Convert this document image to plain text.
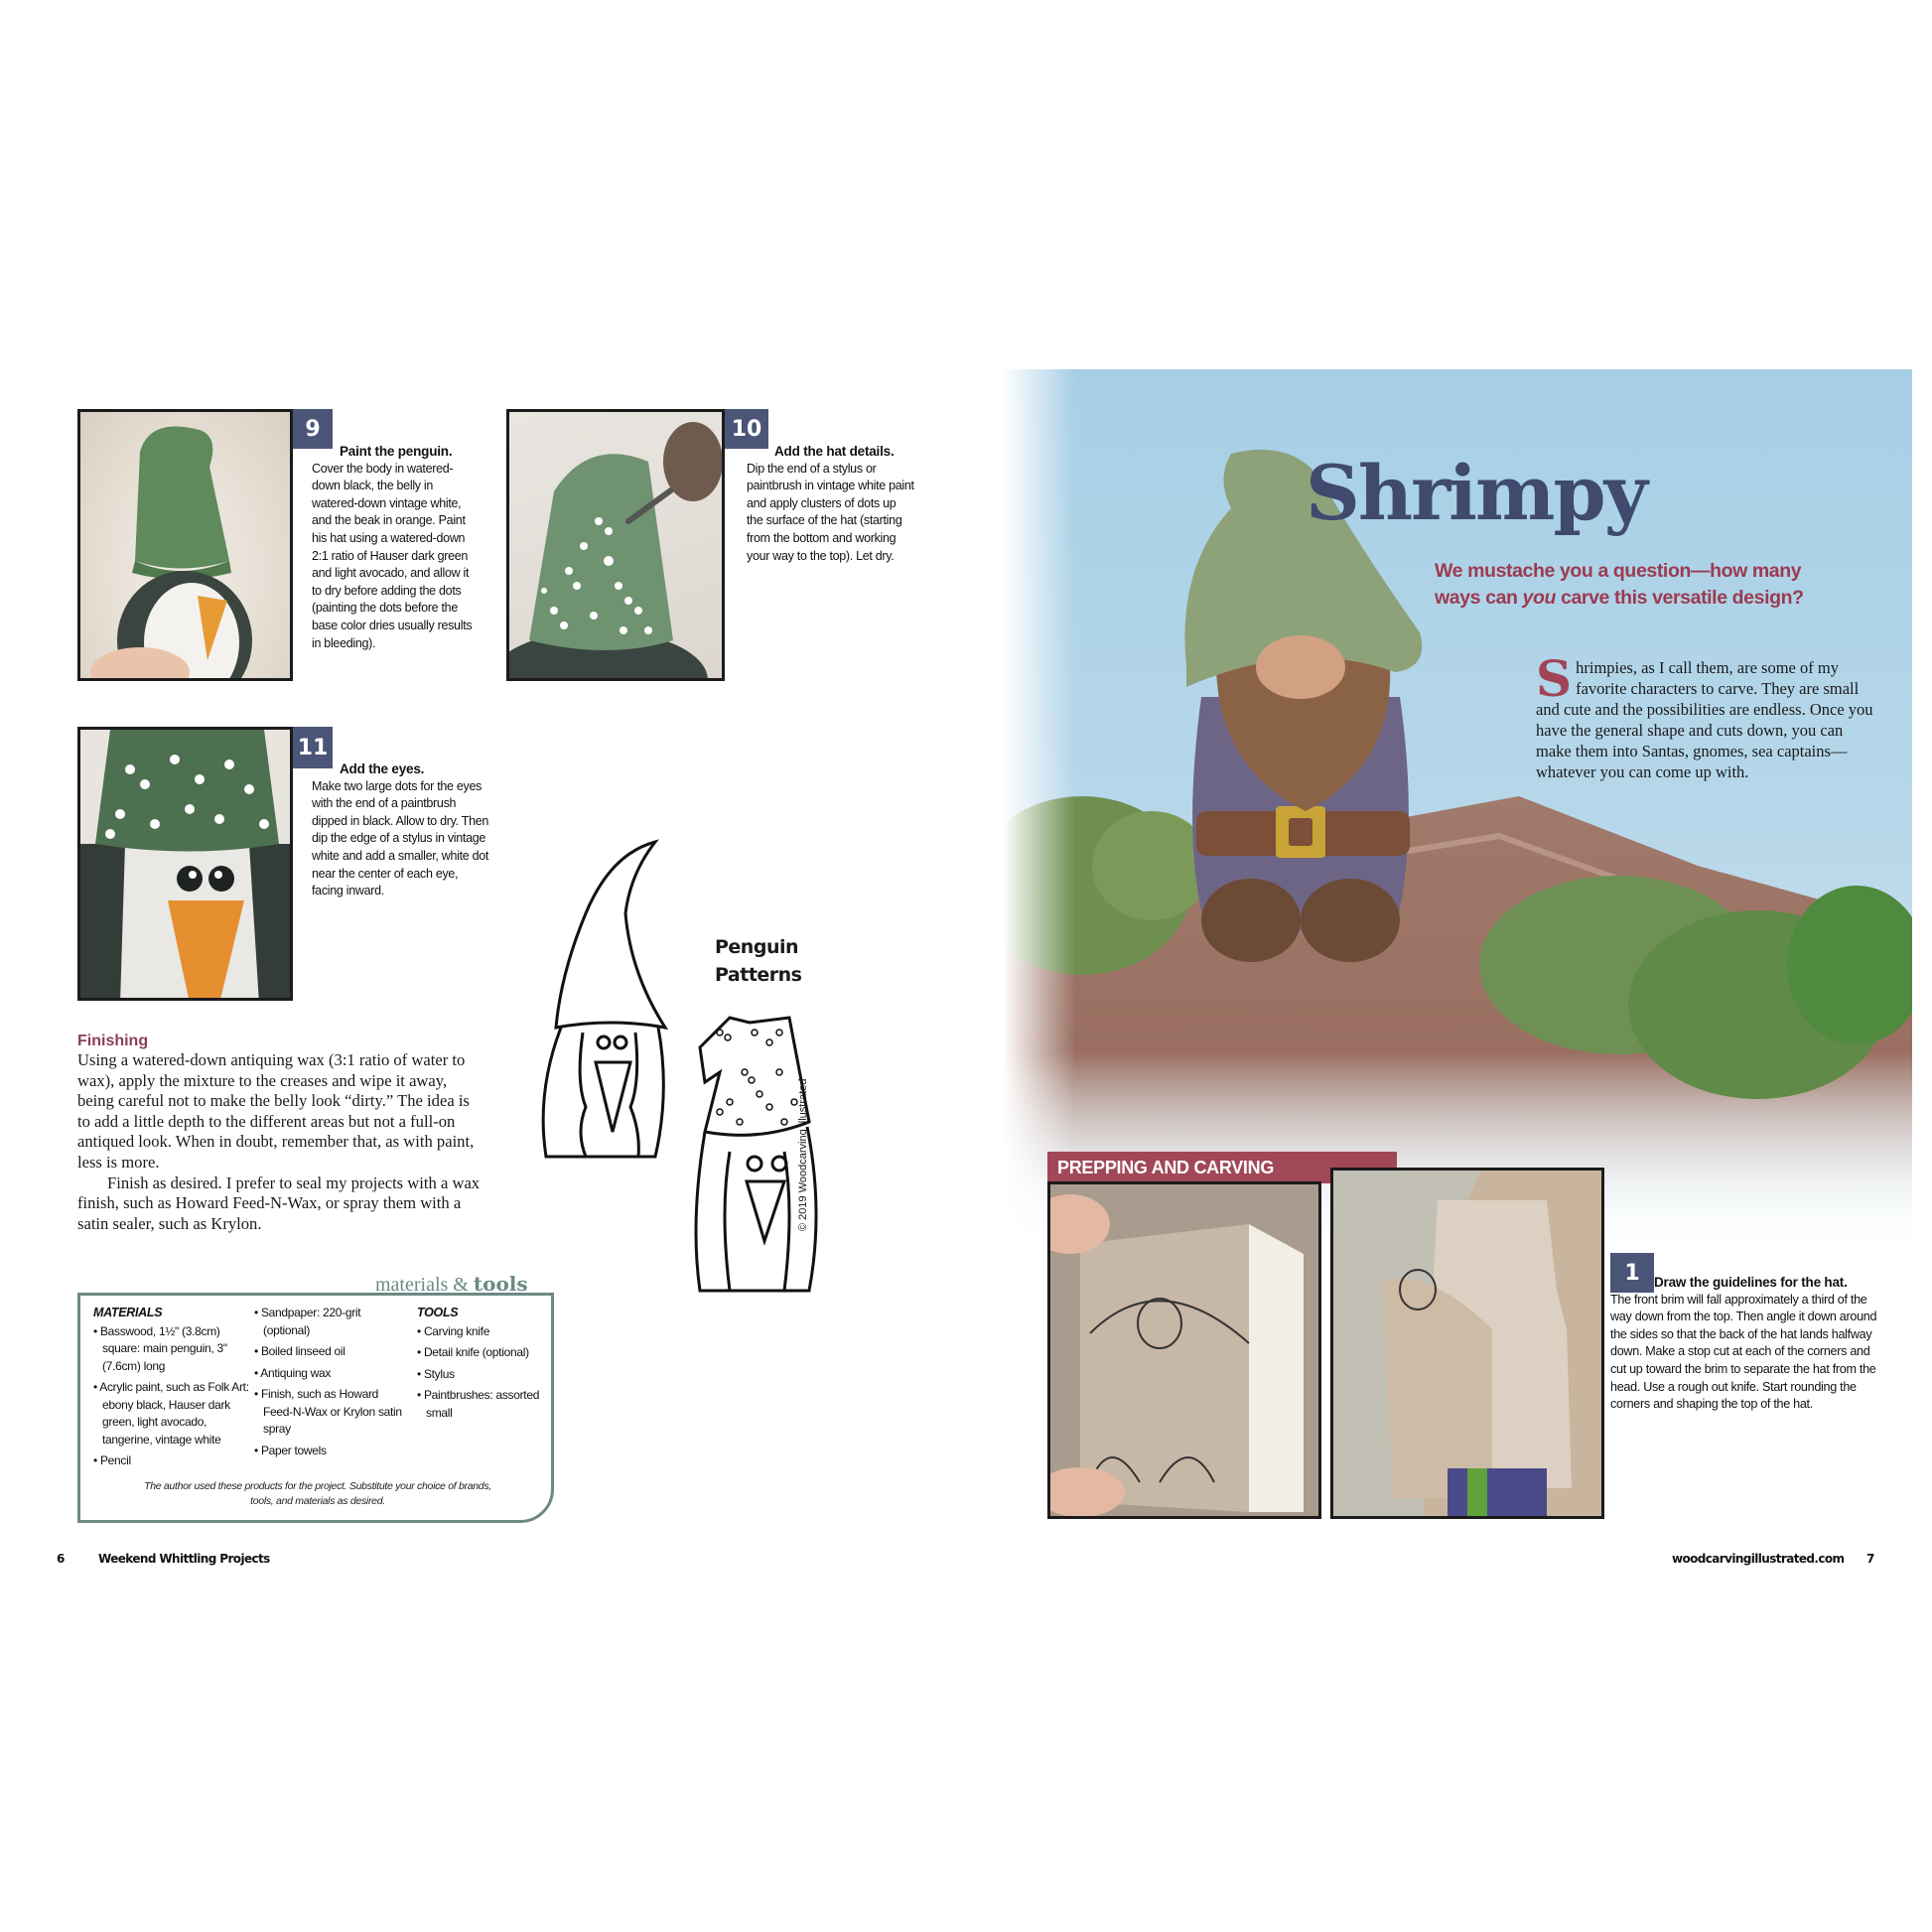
9
Paint the penguin.
Cover the body in watered-down black, the belly in watered-down vintage white, and the beak in orange. Paint his hat using a watered-down 2:1 ratio of Hauser dark green and light avocado, and allow it to dry before adding the dots (painting the dots before the base color dries usually results in bleeding).
10
Add the hat details.
Dip the end of a stylus or paintbrush in vintage white paint and apply clusters of dots up the surface of the hat (starting from the bottom and working your way to the top). Let dry.
11
Add the eyes.
Make two large dots for the eyes with the end of a paintbrush dipped in black. Allow to dry. Then dip the edge of a stylus in vintage white and add a smaller, white dot near the center of each eye, facing inward.
Finishing

Using a watered-down antiquing wax (3:1 ratio of water to wax), apply the mixture to the creases and wipe it away, being careful not to make the belly look “dirty.” The idea is to add a little depth to the different areas but not a full-on antiqued look. When in doubt, remember that, as with paint, less is more.

Finish as desired. I prefer to seal my projects with a wax finish, such as Howard Feed-N-Wax, or spray them with a satin sealer, such as Krylon.

Penguin
Patterns
© 2019 Woodcarving Illustrated
materials & tools
MATERIALS
• Basswood, 1½" (3.8cm) square: main penguin, 3" (7.6cm) long
• Acrylic paint, such as Folk Art: ebony black, Hauser dark green, light avocado, tangerine, vintage white
• Pencil
• Sandpaper: 220-grit (optional)
• Boiled linseed oil
• Antiquing wax
• Finish, such as Howard Feed-N-Wax or Krylon satin spray
• Paper towels
TOOLS
• Carving knife
• Detail knife (optional)
• Stylus
• Paintbrushes: assorted small
The author used these products for the project. Substitute your choice of brands, tools, and materials as desired.
6	Weekend Whittling Projects
Shrimpy
We mustache you a question—how many ways can you carve this versatile design?
Shrimpies, as I call them, are some of my favorite characters to carve. They are small and cute and the possibilities are endless. Once you have the general shape and cuts down, you can make them into Santas, gnomes, sea captains—whatever you can come up with.
PREPPING AND CARVING
1	Draw the guidelines for the hat.
The front brim will fall approximately a third of the way down from the top. Then angle it down around the sides so that the back of the hat lands halfway down. Make a stop cut at each of the corners and cut up toward the brim to separate the hat from the head. Use a rough out knife. Start rounding the corners and shaping the top of the hat.
woodcarvingillustrated.com 7
